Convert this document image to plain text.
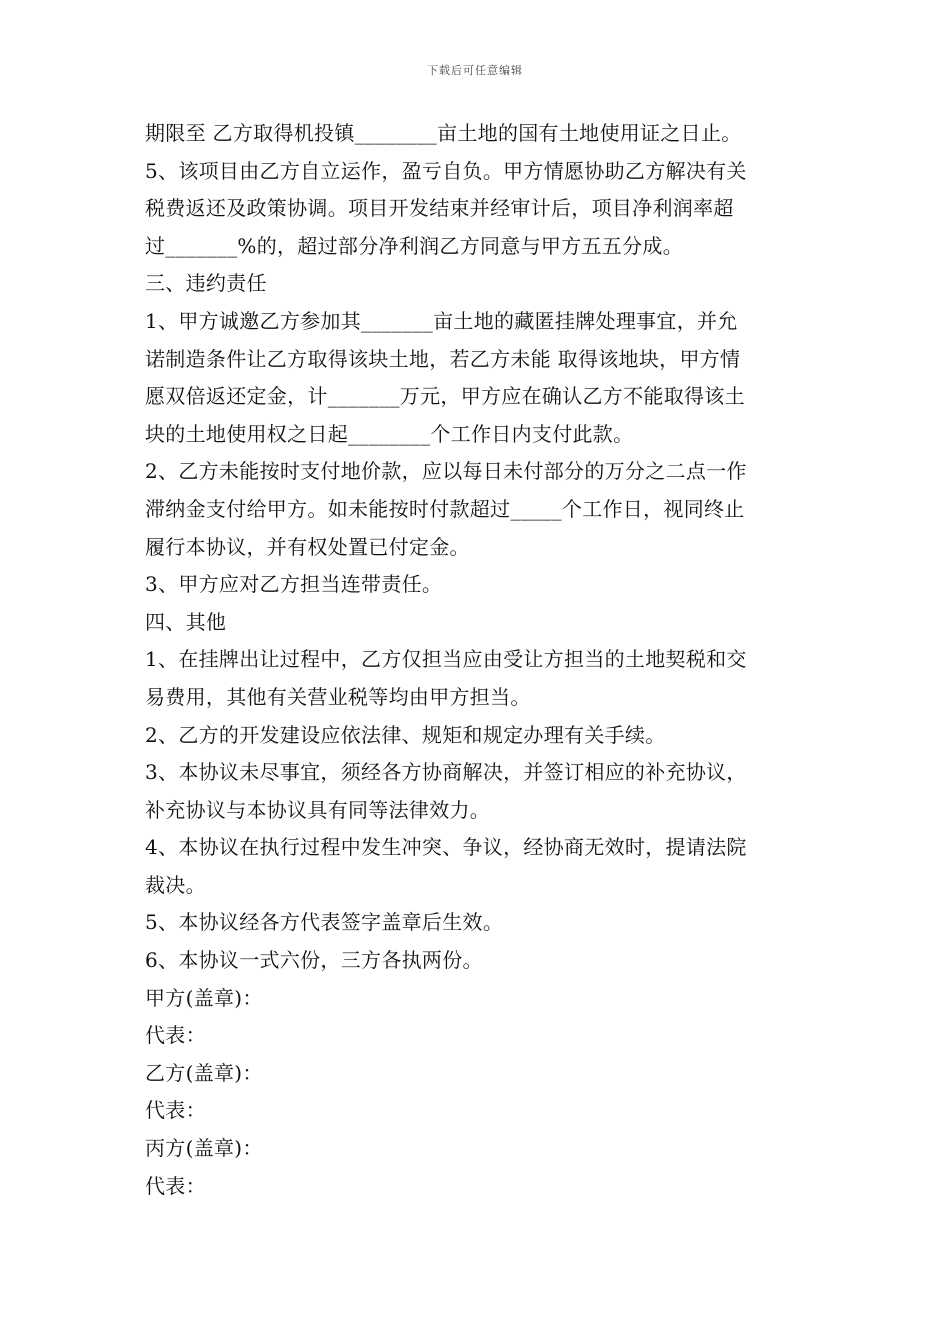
下载后可任意编辑
期限至 乙方取得机投镇________亩土地的国有土地使用证之日止。
5、该项目由乙方自立运作，盈亏自负。甲方情愿协助乙方解决有关
税费返还及政策协调。项目开发结束并经审计后，项目净利润率超
过_______%的，超过部分净利润乙方同意与甲方五五分成。
三、违约责任
1、甲方诚邀乙方参加其_______亩土地的藏匿挂牌处理事宜，并允
诺制造条件让乙方取得该块土地，若乙方未能 取得该地块，甲方情
愿双倍返还定金，计_______万元，甲方应在确认乙方不能取得该土
块的土地使用权之日起________个工作日内支付此款。
2、乙方未能按时支付地价款，应以每日未付部分的万分之二点一作
滞纳金支付给甲方。如未能按时付款超过_____个工作日，视同终止
履行本协议，并有权处置已付定金。
3、甲方应对乙方担当连带责任。
四、其他
1、在挂牌出让过程中，乙方仅担当应由受让方担当的土地契税和交
易费用，其他有关营业税等均由甲方担当。
2、乙方的开发建设应依法律、规矩和规定办理有关手续。
3、本协议未尽事宜，须经各方协商解决，并签订相应的补充协议，
补充协议与本协议具有同等法律效力。
4、本协议在执行过程中发生冲突、争议，经协商无效时，提请法院
裁决。
5、本协议经各方代表签字盖章后生效。
6、本协议一式六份，三方各执两份。
甲方(盖章)：
代表：
乙方(盖章)：
代表：
丙方(盖章)：
代表：
